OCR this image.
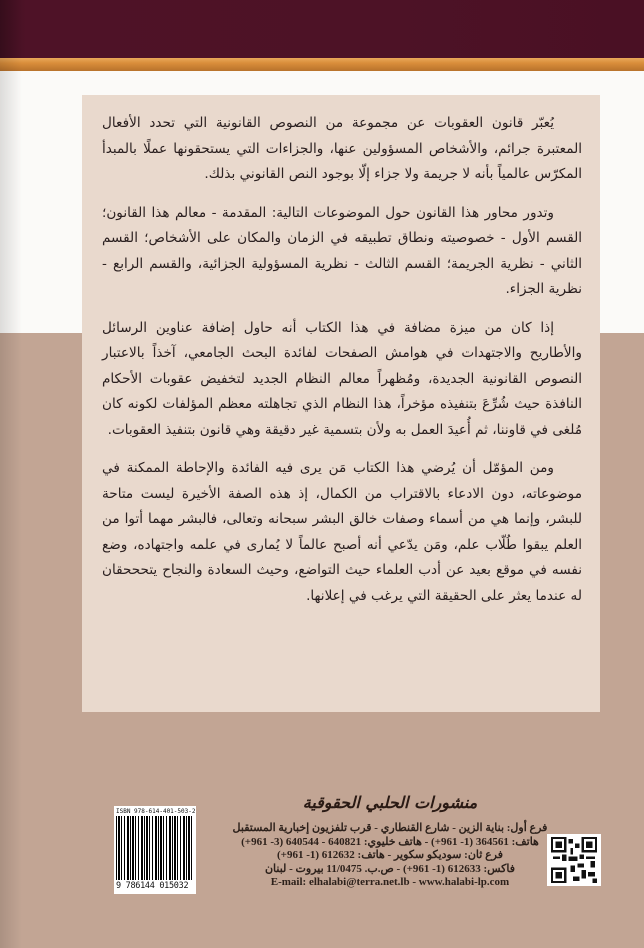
يُعبّر قانون العقوبات عن مجموعة من النصوص القانونية التي تحدد الأفعال المعتبرة جرائم، والأشخاص المسؤولين عنها، والجزاءات التي يستحقونها عملًا بالمبدأ المكرّس عالمياً بأنه لا جريمة ولا جزاء إلّا بوجود النص القانوني بذلك.

وتدور محاور هذا القانون حول الموضوعات التالية: المقدمة - معالم هذا القانون؛ القسم الأول - خصوصيته ونطاق تطبيقه في الزمان والمكان على الأشخاص؛ القسم الثاني - نظرية الجريمة؛ القسم الثالث - نظرية المسؤولية الجزائية، والقسم الرابع - نظرية الجزاء.

إذا كان من ميزة مضافة في هذا الكتاب أنه حاول إضافة عناوين الرسائل والأطاريح والاجتهدات في هوامش الصفحات لفائدة البحث الجامعي، آخذاً بالاعتبار النصوص القانونية الجديدة، ومُظهراً معالم النظام الجديد لتخفيض عقوبات الأحكام النافذة حيث شُرِّعَ بتنفيذه مؤخراً، هذا النظام الذي تجاهلته معظم المؤلفات لكونه كان مُلغى في قاوننا، ثم أُعيدَ العمل به ولأن بتسمية غير دقيقة وهي قانون بتنفيذ العقوبات.

ومن المؤمّل أن يُرضي هذا الكتاب مَن يرى فيه الفائدة والإحاطة الممكنة في موضوعاته، دون الادعاء بالاقتراب من الكمال، إذ هذه الصفة الأخيرة ليست متاحة للبشر، وإنما هي من أسماء وصفات خالق البشر سبحانه وتعالى، فالبشر مهما أتوا من العلم يبقوا طُلّاب علم، ومَن يدّعي أنه أصبح عالماً لا يُمارى في علمه واجتهاده، وضع نفسه في موقع بعيد عن أدب العلماء حيث التواضع، وحيث السعادة والنجاح يتحححقان له عندما يعثر على الحقيقة التي يرغب في إعلانها.

ISBN 978-614-401-503-2
9 786144 015032
منشورات الحلبي الحقوقية
فرع أول: بناية الزين - شارع القنطاري - قرب تلفزيون إخبارية المستقبل
هاتف: 364561 (1- 961+) - هاتف خليوي: 640821 - 640544 (3- 961+)
فرع ثان: سوديكو سكوير - هاتف: 612632 (1- 961+)
فاكس: 612633 (1- 961+) - ص.ب. 11/0475 بيروت - لبنان
E-mail: elhalabi@terra.net.lb - www.halabi-lp.com
